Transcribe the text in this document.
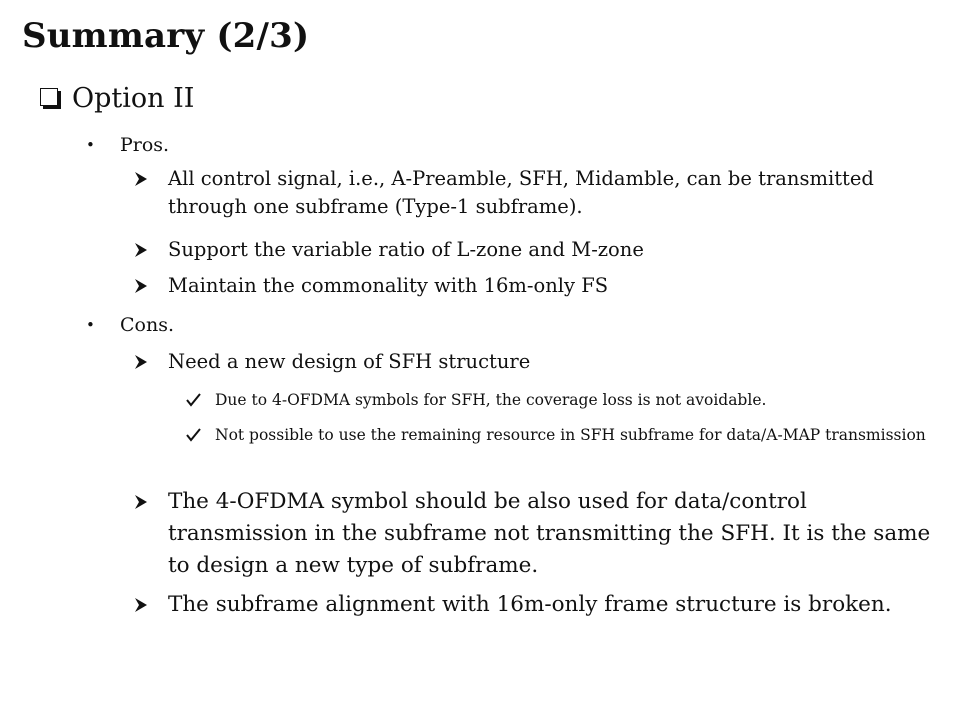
Summary (2/3)
Option II
•	Pros.
All control signal, i.e., A-Preamble, SFH, Midamble, can be transmitted through one subframe (Type-1 subframe).
Support the variable ratio of L-zone and M-zone
Maintain the commonality with 16m-only FS
•	Cons.
Need a new design of SFH structure
Due to 4-OFDMA symbols for SFH, the coverage loss is not avoidable.
Not possible to use the remaining resource in SFH subframe for data/A-MAP transmission
The 4-OFDMA symbol should be also used for data/control transmission in the subframe not transmitting the SFH. It is the same to design a new type of subframe.
The subframe alignment with 16m-only frame structure is broken.
